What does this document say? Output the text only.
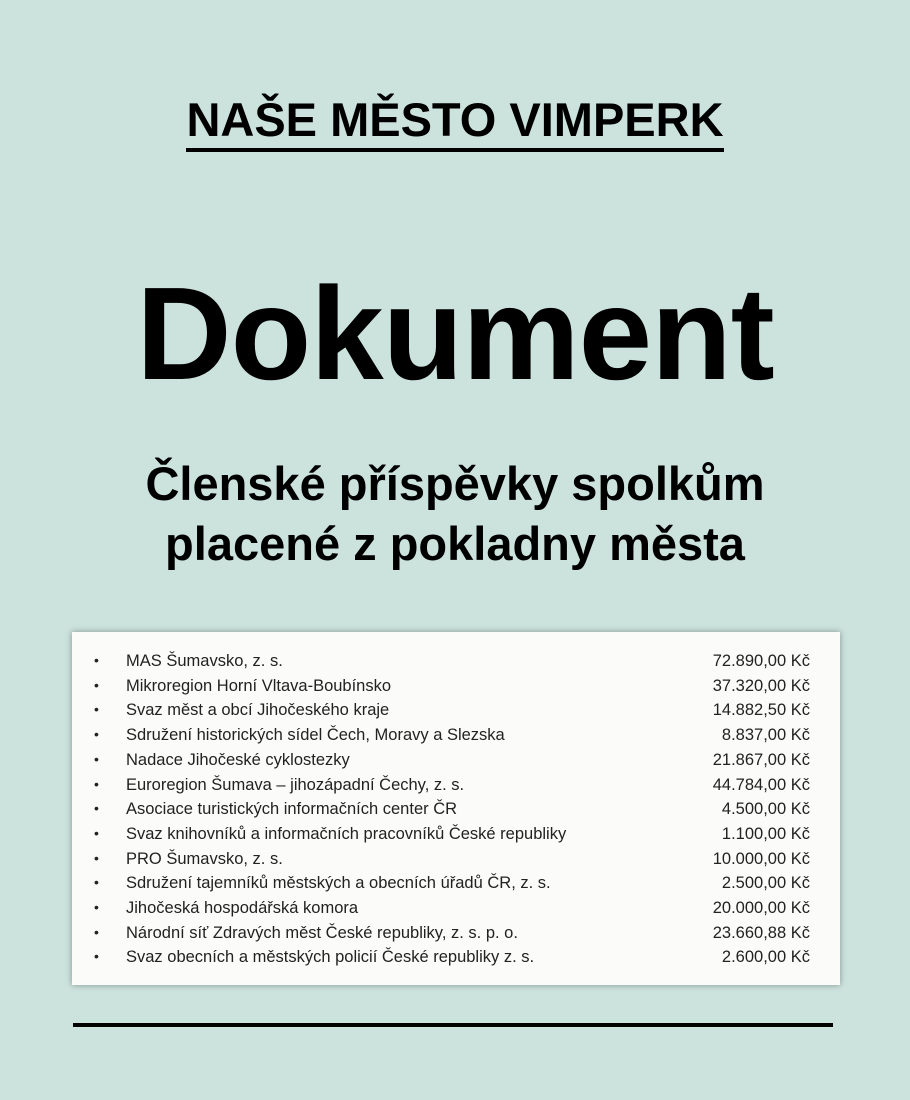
NAŠE MĚSTO VIMPERK
Dokument
Členské příspěvky spolkům
placené z pokladny města
• MAS Šumavsko, z. s.	72.890,00 Kč
• Mikroregion Horní Vltava-Boubínsko	37.320,00 Kč
• Svaz měst a obcí Jihočeského kraje	14.882,50 Kč
• Sdružení historických sídel Čech, Moravy a Slezska	8.837,00 Kč
• Nadace Jihočeské cyklostezky	21.867,00 Kč
• Euroregion Šumava – jihozápadní Čechy, z. s.	44.784,00 Kč
• Asociace turistických informačních center ČR	4.500,00 Kč
• Svaz knihovníků a informačních pracovníků České republiky	1.100,00 Kč
• PRO Šumavsko, z. s.	10.000,00 Kč
• Sdružení tajemníků městských a obecních úřadů ČR, z. s.	2.500,00 Kč
• Jihočeská hospodářská komora	20.000,00 Kč
• Národní síť Zdravých měst České republiky, z. s. p. o.	23.660,88 Kč
• Svaz obecních a městských policií České republiky z. s.	2.600,00 Kč
